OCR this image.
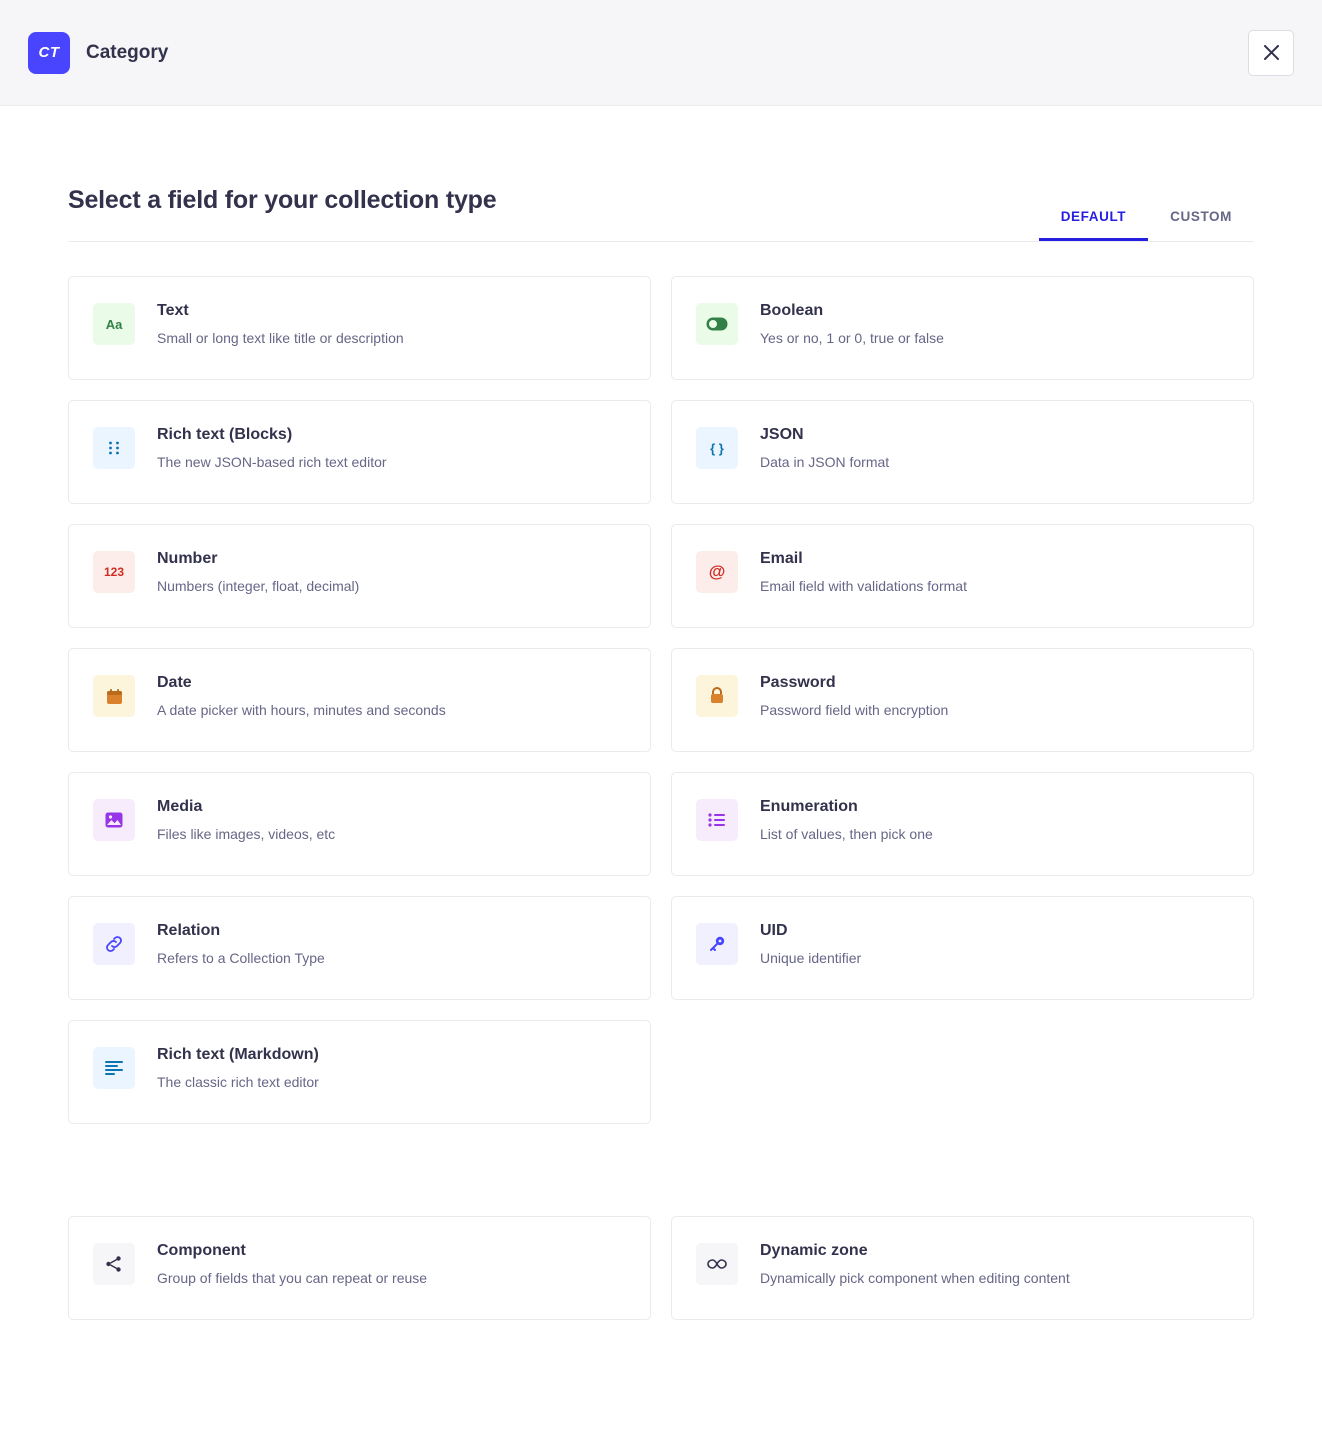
CT	Category
Select a field for your collection type
DEFAULT	CUSTOM
Aa
Text
Small or long text like title or description
Boolean
Yes or no, 1 or 0, true or false
Rich text (Blocks)
The new JSON-based rich text editor
{ }
JSON
Data in JSON format
123
Number
Numbers (integer, float, decimal)
@
Email
Email field with validations format
Date
A date picker with hours, minutes and seconds
Password
Password field with encryption
Media
Files like images, videos, etc
Enumeration
List of values, then pick one
Relation
Refers to a Collection Type
UID
Unique identifier
Rich text (Markdown)
The classic rich text editor
Component
Group of fields that you can repeat or reuse
Dynamic zone
Dynamically pick component when editing content
